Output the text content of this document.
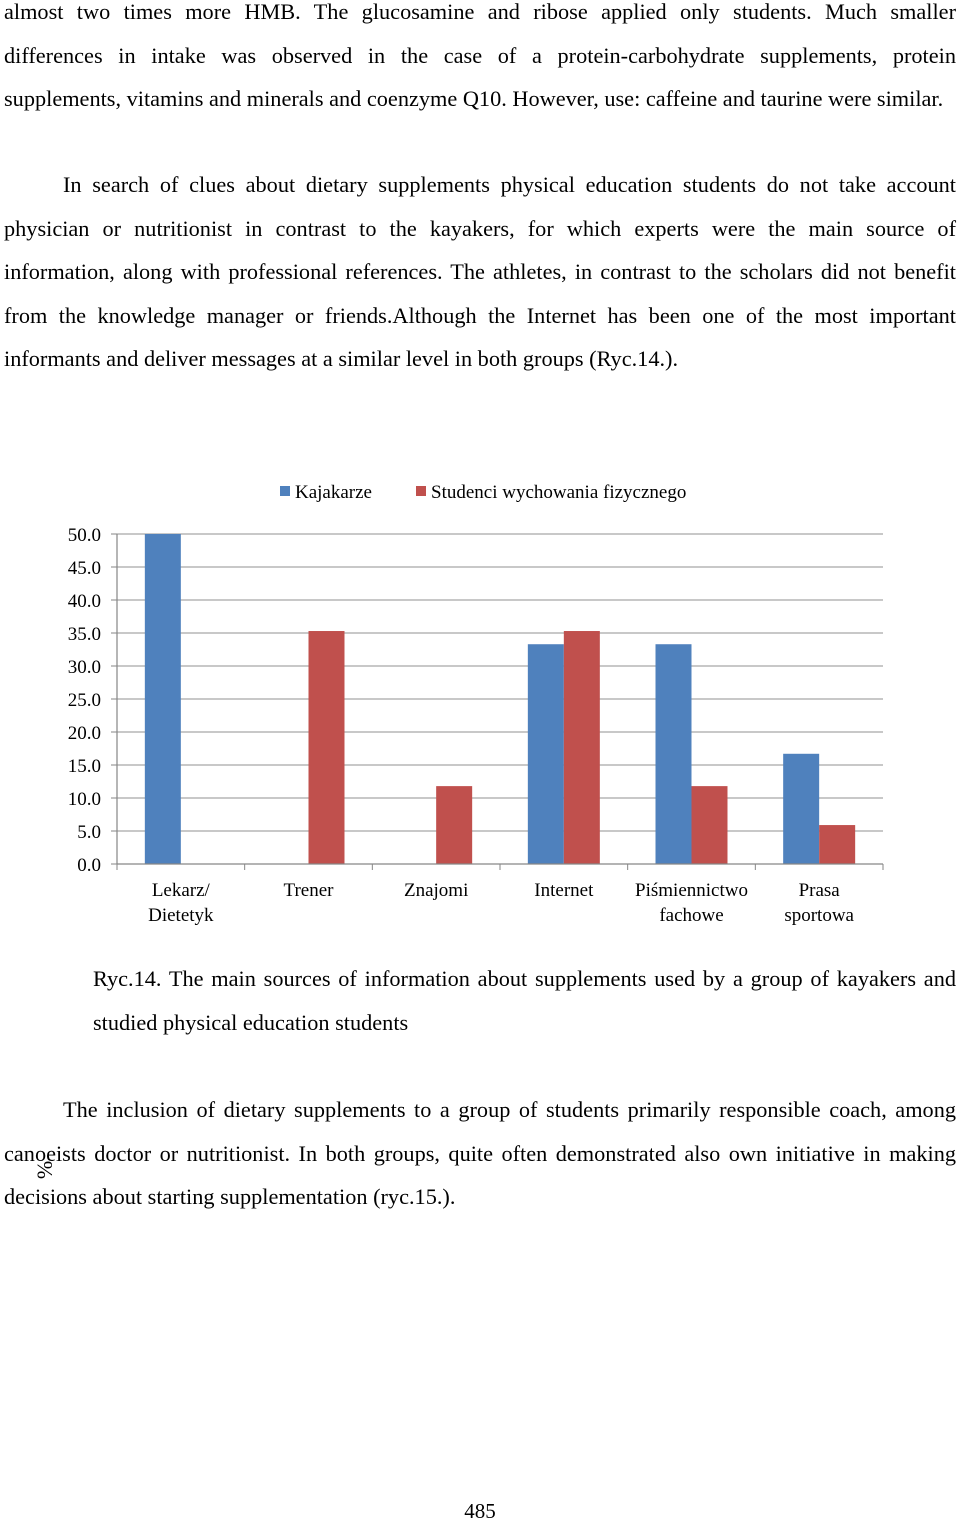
almost two times more HMB. The glucosamine and ribose applied only students. Much smaller differences in intake was observed in the case of a protein-carbohydrate supplements, protein supplements, vitamins and minerals and coenzyme Q10. However, use: caffeine and taurine were similar.

In search of clues about dietary supplements physical education students do not take account physician or nutritionist in contrast to the kayakers, for which experts were the main source of information, along with professional references. The athletes, in contrast to the scholars did not benefit from the knowledge manager or friends.Although the Internet has been one of the most important informants and deliver messages at a similar level in both groups (Ryc.14.).

Kajakarze	Studenci wychowania fizycznego
0.0
5.0
10.0
15.0
20.0
25.0
30.0
35.0
40.0
45.0
50.0
Lekarz/
Dietetyk
Trener	Znajomi	Internet Piśmiennictwo
fachowe
Prasa
sportowa
%

Ryc.14. The main sources of information about supplements used by a group of kayakers and studied physical education students

The inclusion of dietary supplements to a group of students primarily responsible coach, among canoeists doctor or nutritionist. In both groups, quite often demonstrated also own initiative in making decisions about starting supplementation (ryc.15.).

485
